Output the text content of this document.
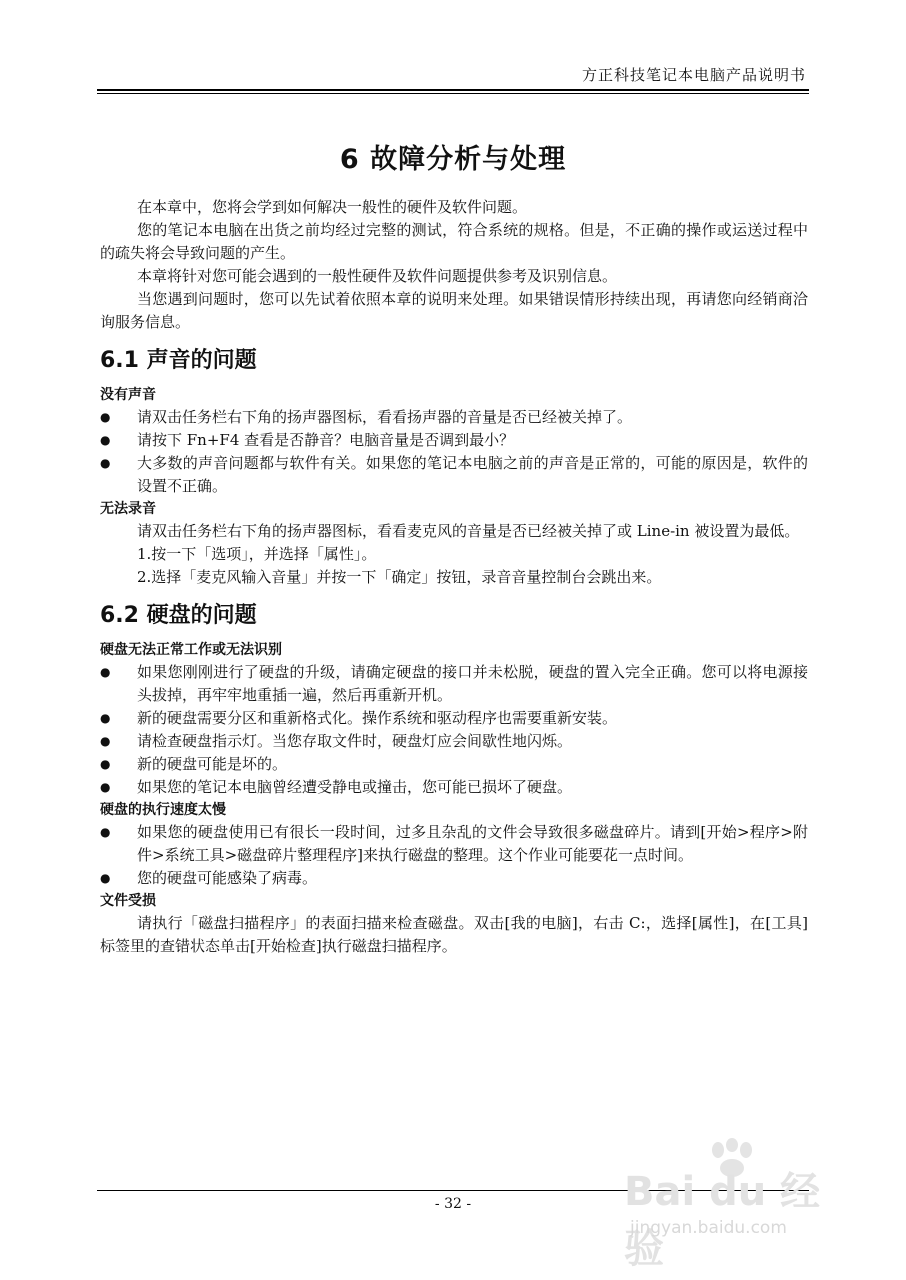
方正科技笔记本电脑产品说明书
6 故障分析与处理

在本章中，您将会学到如何解决一般性的硬件及软件问题。

您的笔记本电脑在出货之前均经过完整的测试，符合系统的规格。但是，不正确的操作或运送过程中的疏失将会导致问题的产生。

本章将针对您可能会遇到的一般性硬件及软件问题提供参考及识别信息。

当您遇到问题时，您可以先试着依照本章的说明来处理。如果错误情形持续出现，再请您向经销商洽询服务信息。

6.1 声音的问题
没有声音
● 请双击任务栏右下角的扬声器图标，看看扬声器的音量是否已经被关掉了。
● 请按下 Fn+F4 查看是否静音？电脑音量是否调到最小？
● 大多数的声音问题都与软件有关。如果您的笔记本电脑之前的声音是正常的，可能的原因是，软件的设置不正确。
无法录音

请双击任务栏右下角的扬声器图标，看看麦克风的音量是否已经被关掉了或 Line-in 被设置为最低。

1.按一下「选项」，并选择「属性」。

2.选择「麦克风输入音量」并按一下「确定」按钮，录音音量控制台会跳出来。

6.2 硬盘的问题
硬盘无法正常工作或无法识别
● 如果您刚刚进行了硬盘的升级，请确定硬盘的接口并未松脱，硬盘的置入完全正确。您可以将电源接头拔掉，再牢牢地重插一遍，然后再重新开机。
● 新的硬盘需要分区和重新格式化。操作系统和驱动程序也需要重新安装。
● 请检查硬盘指示灯。当您存取文件时，硬盘灯应会间歇性地闪烁。
● 新的硬盘可能是坏的。
● 如果您的笔记本电脑曾经遭受静电或撞击，您可能已损坏了硬盘。
硬盘的执行速度太慢
● 如果您的硬盘使用已有很长一段时间，过多且杂乱的文件会导致很多磁盘碎片。请到[开始>程序>附件>系统工具>磁盘碎片整理程序]来执行磁盘的整理。这个作业可能要花一点时间。
● 您的硬盘可能感染了病毒。
文件受损

请执行「磁盘扫描程序」的表面扫描来检查磁盘。双击[我的电脑]，右击 C:，选择[属性]，在[工具]标签里的查错状态单击[开始检查]执行磁盘扫描程序。

- 32 -	Bai du 经验
jingyan.baidu.com
